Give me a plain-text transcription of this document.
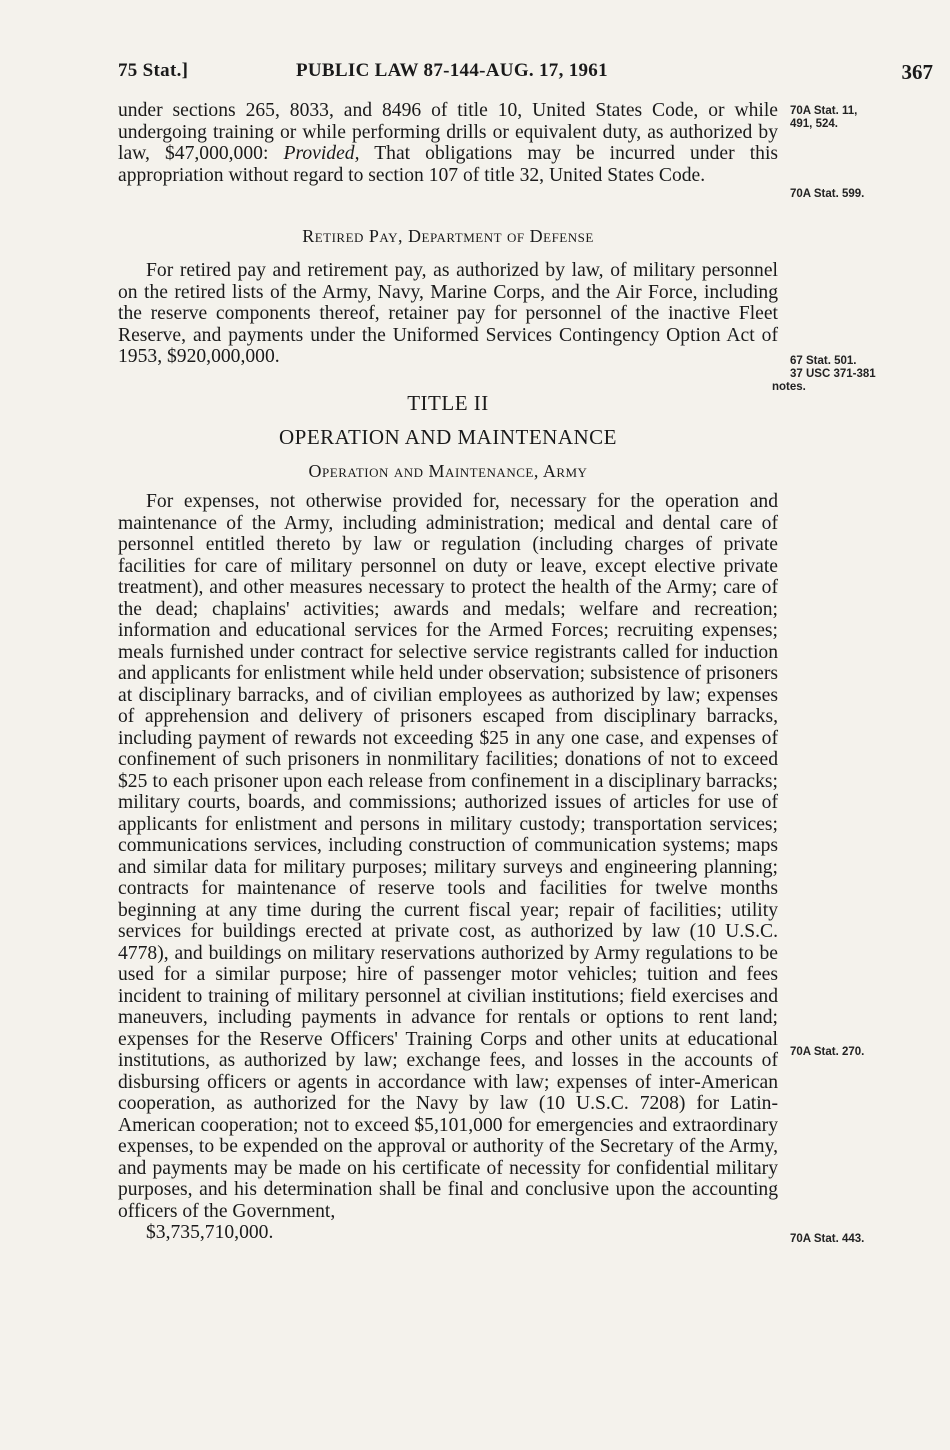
75 Stat.]	PUBLIC LAW 87-144-AUG. 17, 1961	367

under sections 265, 8033, and 8496 of title 10, United States Code, or while undergoing training or while performing drills or equivalent duty, as authorized by law, $47,000,000: Provided, That obligations may be incurred under this appropriation without regard to section 107 of title 32, United States Code.

Retired Pay, Department of Defense

For retired pay and retirement pay, as authorized by law, of military personnel on the retired lists of the Army, Navy, Marine Corps, and the Air Force, including the reserve components thereof, retainer pay for personnel of the inactive Fleet Reserve, and payments under the Uniformed Services Contingency Option Act of 1953, $920,000,000.

TITLE II
OPERATION AND MAINTENANCE
Operation and Maintenance, Army

For expenses, not otherwise provided for, necessary for the operation and maintenance of the Army, including administration; medical and dental care of personnel entitled thereto by law or regulation (including charges of private facilities for care of military personnel on duty or leave, except elective private treatment), and other measures necessary to protect the health of the Army; care of the dead; chaplains' activities; awards and medals; welfare and recreation; information and educational services for the Armed Forces; recruiting expenses; meals furnished under contract for selective service registrants called for induction and applicants for enlistment while held under observation; subsistence of prisoners at disciplinary barracks, and of civilian employees as authorized by law; expenses of apprehension and delivery of prisoners escaped from disciplinary barracks, including payment of rewards not exceeding $25 in any one case, and expenses of confinement of such prisoners in nonmilitary facilities; donations of not to exceed $25 to each prisoner upon each release from confinement in a disciplinary barracks; military courts, boards, and commissions; authorized issues of articles for use of applicants for enlistment and persons in military custody; transportation services; communications services, including construction of communication systems; maps and similar data for military purposes; military surveys and engineering planning; contracts for maintenance of reserve tools and facilities for twelve months beginning at any time during the current fiscal year; repair of facilities; utility services for buildings erected at private cost, as authorized by law (10 U.S.C. 4778), and buildings on military reservations authorized by Army regulations to be used for a similar purpose; hire of passenger motor vehicles; tuition and fees incident to training of military personnel at civilian institutions; field exercises and maneuvers, including payments in advance for rentals or options to rent land; expenses for the Reserve Officers' Training Corps and other units at educational institutions, as authorized by law; exchange fees, and losses in the accounts of disbursing officers or agents in accordance with law; expenses of inter-American cooperation, as authorized for the Navy by law (10 U.S.C. 7208) for Latin-American cooperation; not to exceed $5,101,000 for emergencies and extraordinary expenses, to be expended on the approval or authority of the Secretary of the Army, and payments may be made on his certificate of necessity for confidential military purposes, and his determination shall be final and conclusive upon the accounting officers of the Government,
$3,735,710,000.

70A Stat. 11,
491, 524.
70A Stat. 599.
67 Stat. 501.
37 USC 371-381
notes.
70A Stat. 270.
70A Stat. 443.
